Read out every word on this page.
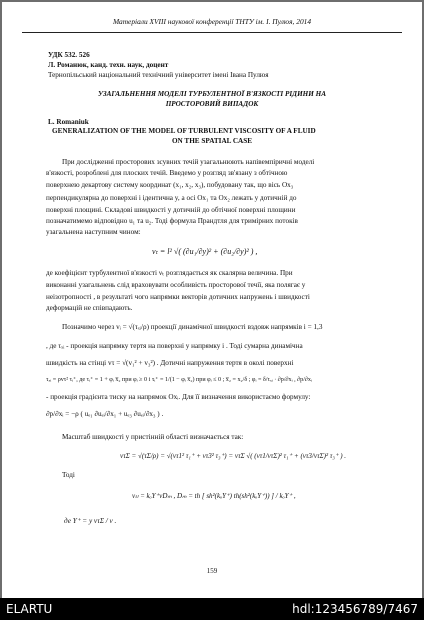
Матеріали XVIII наукової конференції ТНТУ ім. І. Пулюя, 2014
УДК 532. 526
Л. Романюк, канд. техн. наук, доцент
Тернопільський національний технічний університет імені Івана Пулюя
УЗАГАЛЬНЕННЯ МОДЕЛІ ТУРБУЛЕНТНОЇ В'ЯЗКОСТІ РІДИНИ НА
ПРОСТОРОВИЙ ВИПАДОК
L. Romaniuk
GENERALIZATION OF THE MODEL OF TURBULENT VISCOSITY OF A FLUID
ON THE SPATIAL CASE
При дослідженні просторових зсувних течій узагальнюють напівемпіричні моделі
в'язкості, розроблені для плоских течій. Введемо у розгляд зв'язану з обтічною
поверхнею декартову систему координат (x₁, x₂, x₃), побудовану так, що вісь Ox₃
перпендикулярна до поверхні і ідентична y, а осі Ox₁ та Ox₂ лежать у дотичній до
поверхні площині. Складові швидкості у дотичній до обтічної поверхні площини
позначатимемо відповідно u₁ та u₂. Тоді формула Прандтля для тримірних потоків
узагальнена наступним чином:
νₜ = l² √( (∂u₁/∂y)² + (∂u₂/∂y)² ) ,
де коефіцієнт турбулентної в'язкості νₜ розглядається як скалярна величина. При
виконанні узагальнень слід враховувати особливість просторової течії, яка полягає у
неізотропності , в результаті чого напрямки векторів дотичних напружень і швидкості
деформацій не співпадають.
Позначимо через vᵢ = √(τₓᵢ/ρ) проекції динамічної швидкості вздовж напрямків i = 1,3
, де τₓᵢ - проекція напрямку тертя на поверхні у напрямку i . Тоді сумарна динамічна
швидкість на стінці vτ = √(v₁² + v₃²) . Дотичні напруження тертя в околі поверхні
τₓᵢ = ρvτ² τᵢ⁺, де τᵢ⁺ = 1 + φᵢ x̅₂ при φᵢ ≥ 0 і τᵢ⁺ = 1/(1 − φᵢ x̅₂) при φᵢ ≤ 0 ; x̅₂ = x₂/δ ; φᵢ = δ/τₓᵢ · ∂p/∂xᵢ , ∂p/∂xᵢ
- проекція градієнта тиску на напрямок Oxᵢ. Для її визначення використаємо формулу:
∂p/∂xᵢ = −ρ ( uₑ₁ ∂uₑᵢ/∂x₁ + uₑ₃ ∂uₑᵢ/∂x₃ ) .
Масштаб швидкості у пристінній області визначається так:
vτΣ = √(τΣ/ρ) = √(vτ1² τ₁⁺ + vτ3² τ₃⁺) = vτΣ √( (vτ1/vτΣ)² τ₁⁺ + (vτ3/vτΣ)² τ₃⁺ ) .
Тоді
νₜₗ = kₒY⁺νDₘ , Dₘ = th [ sh²(kₒY⁺) th(sh²(kₒY⁺)) ] / kₒY⁺ ,
де Y⁺ = y vτΣ / ν .
159
ELARTU	hdl:123456789/7467
